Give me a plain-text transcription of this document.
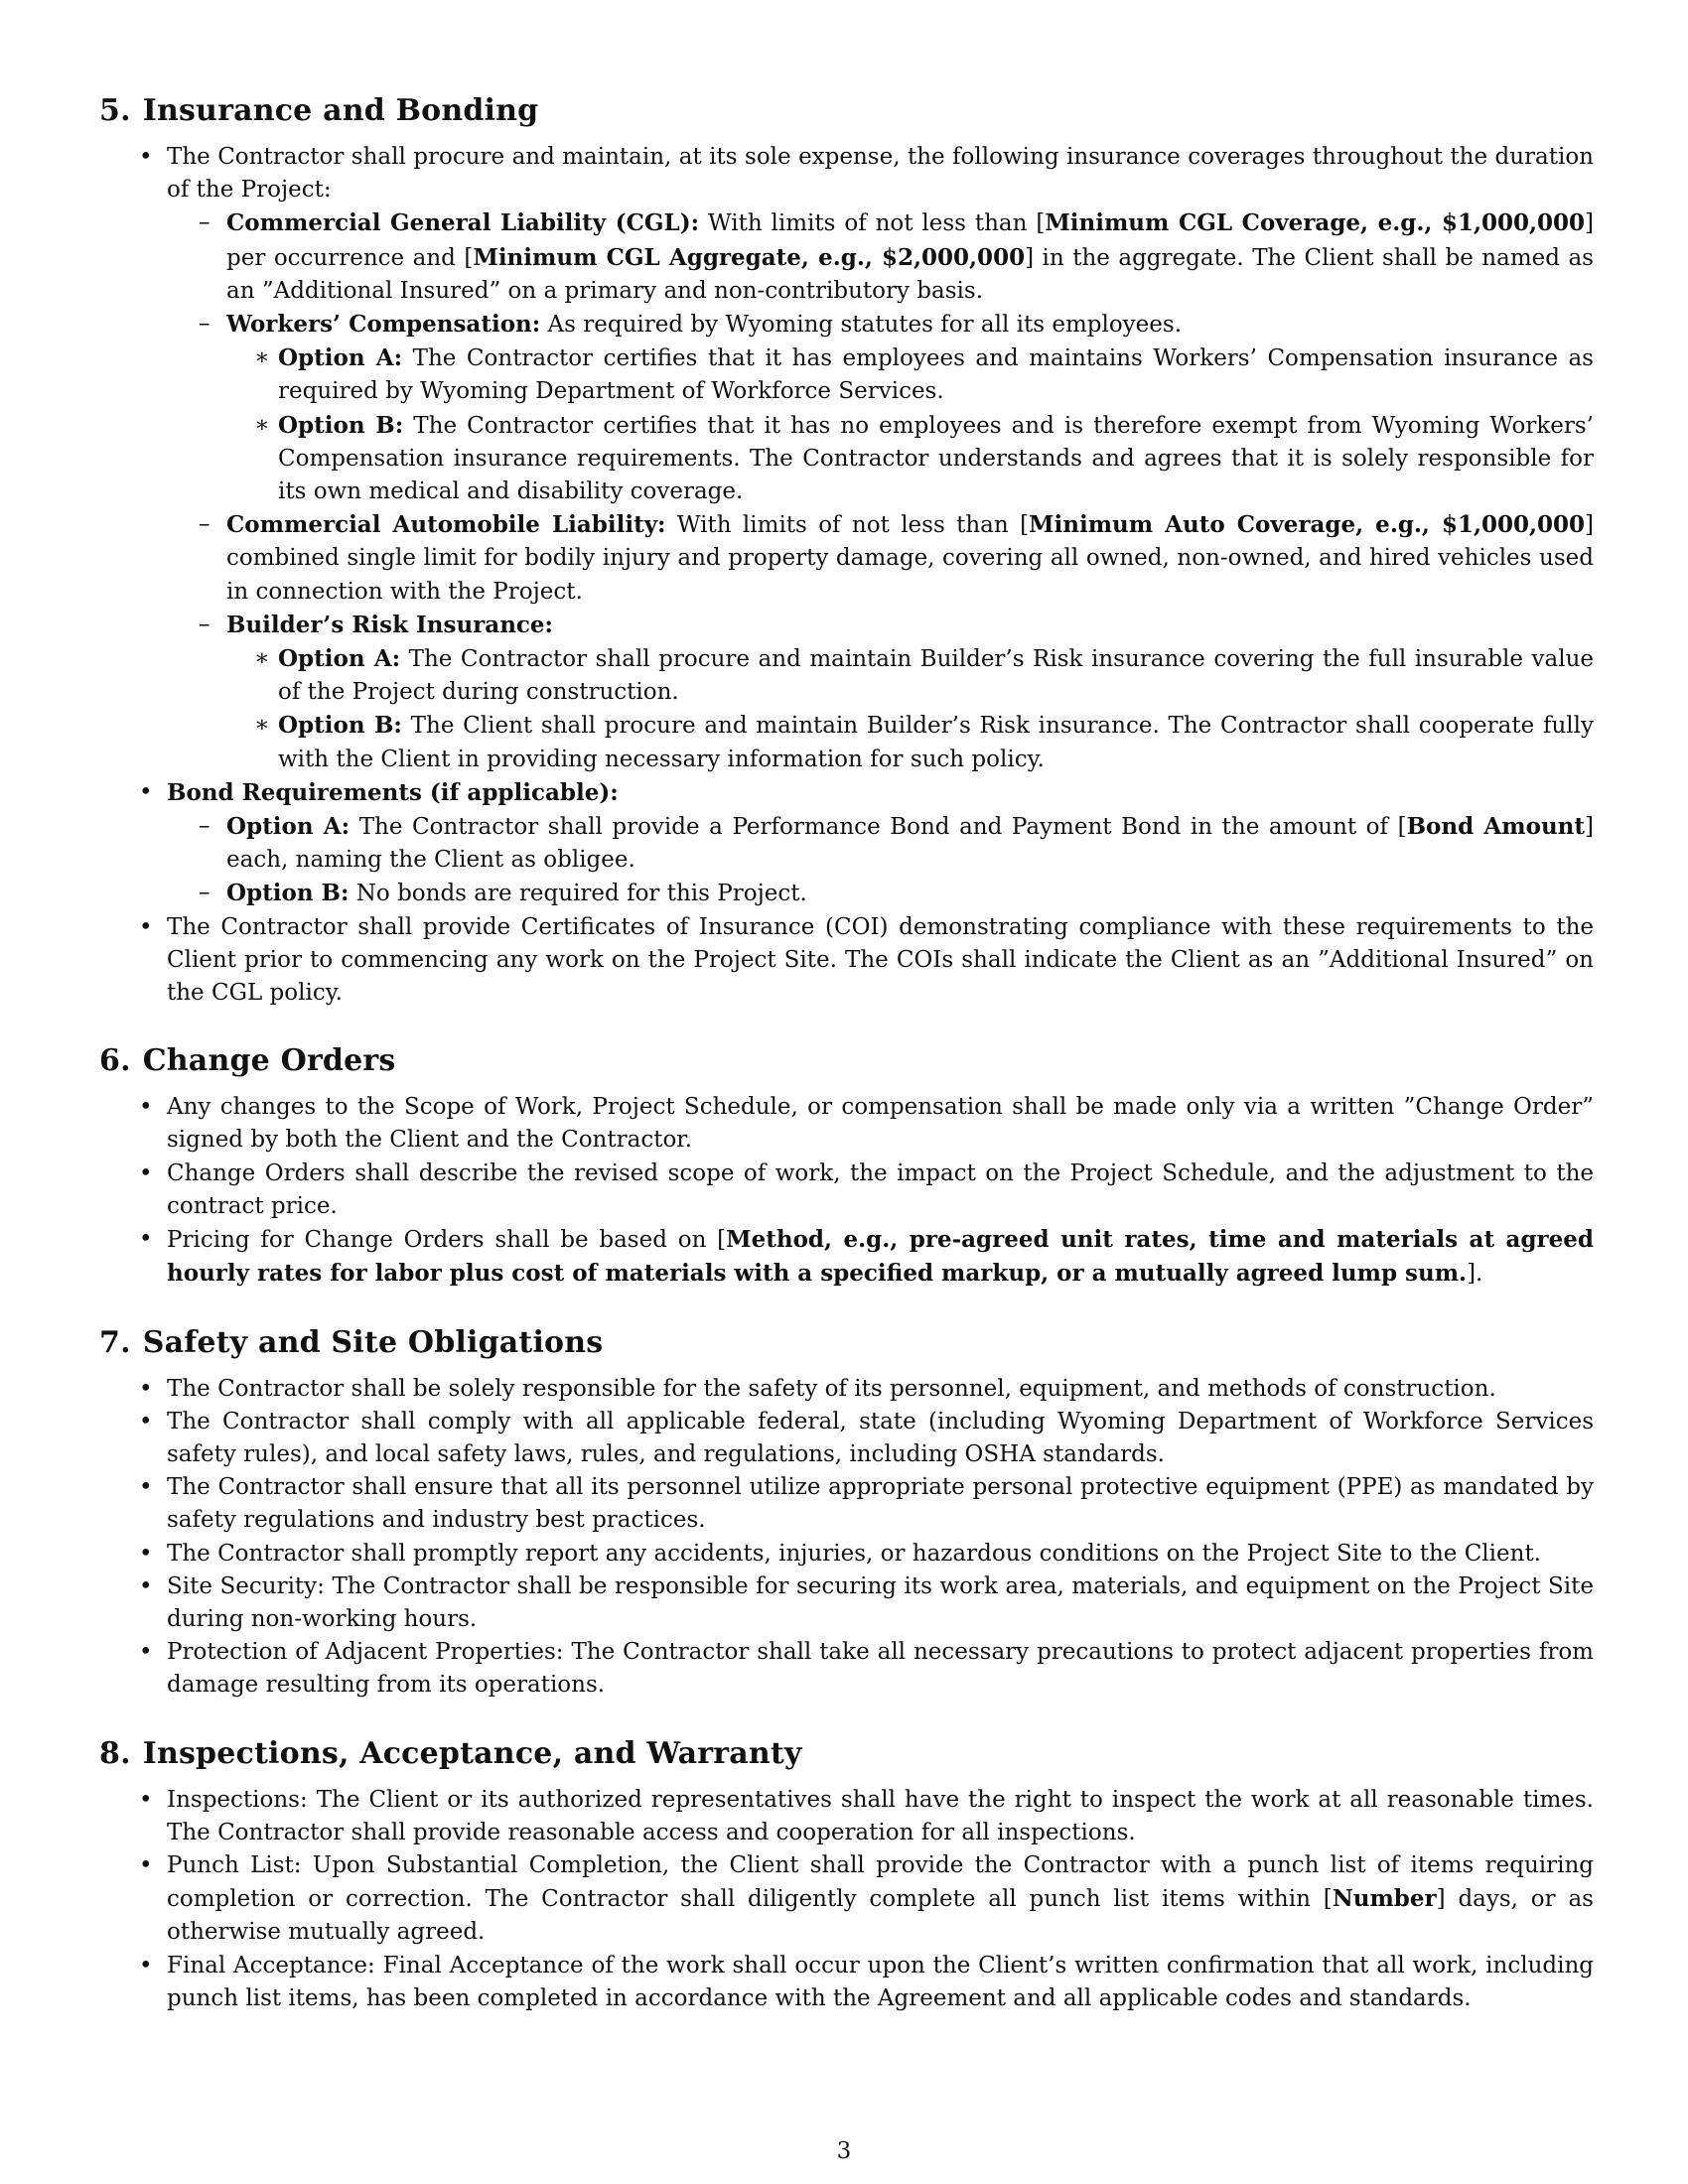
5. Insurance and Bonding
• The Contractor shall procure and maintain, at its sole expense, the following insurance coverages throughout the duration of the Project:
– Commercial General Liability (CGL): With limits of not less than [Minimum CGL Coverage, e.g., $1,000,000] per occurrence and [Minimum CGL Aggregate, e.g., $2,000,000] in the aggregate. The Client shall be named as an ”Additional Insured” on a primary and non-contributory basis.
– Workers’ Compensation: As required by Wyoming statutes for all its employees.
∗ Option A: The Contractor certifies that it has employees and maintains Workers’ Compensation insurance as required by Wyoming Department of Workforce Services.
∗ Option B: The Contractor certifies that it has no employees and is therefore exempt from Wyoming Workers’ Compensation insurance requirements. The Contractor understands and agrees that it is solely responsible for its own medical and disability coverage.
– Commercial Automobile Liability: With limits of not less than [Minimum Auto Coverage, e.g., $1,000,000] combined single limit for bodily injury and property damage, covering all owned, non-owned, and hired vehicles used in connection with the Project.
– Builder’s Risk Insurance:
∗ Option A: The Contractor shall procure and maintain Builder’s Risk insurance covering the full insurable value of the Project during construction.
∗ Option B: The Client shall procure and maintain Builder’s Risk insurance. The Contractor shall cooperate fully with the Client in providing necessary information for such policy.
• Bond Requirements (if applicable):
– Option A: The Contractor shall provide a Performance Bond and Payment Bond in the amount of [Bond Amount] each, naming the Client as obligee.
– Option B: No bonds are required for this Project.
• The Contractor shall provide Certificates of Insurance (COI) demonstrating compliance with these requirements to the Client prior to commencing any work on the Project Site. The COIs shall indicate the Client as an ”Additional Insured” on the CGL policy.
6. Change Orders
• Any changes to the Scope of Work, Project Schedule, or compensation shall be made only via a written ”Change Order” signed by both the Client and the Contractor.
• Change Orders shall describe the revised scope of work, the impact on the Project Schedule, and the adjustment to the contract price.
• Pricing for Change Orders shall be based on [Method, e.g., pre-agreed unit rates, time and materials at agreed hourly rates for labor plus cost of materials with a specified markup, or a mutually agreed lump sum.].
7. Safety and Site Obligations
• The Contractor shall be solely responsible for the safety of its personnel, equipment, and methods of construction.
• The Contractor shall comply with all applicable federal, state (including Wyoming Department of Workforce Services safety rules), and local safety laws, rules, and regulations, including OSHA standards.
• The Contractor shall ensure that all its personnel utilize appropriate personal protective equipment (PPE) as mandated by safety regulations and industry best practices.
• The Contractor shall promptly report any accidents, injuries, or hazardous conditions on the Project Site to the Client.
• Site Security: The Contractor shall be responsible for securing its work area, materials, and equipment on the Project Site during non-working hours.
• Protection of Adjacent Properties: The Contractor shall take all necessary precautions to protect adjacent properties from damage resulting from its operations.
8. Inspections, Acceptance, and Warranty
• Inspections: The Client or its authorized representatives shall have the right to inspect the work at all reasonable times. The Contractor shall provide reasonable access and cooperation for all inspections.
• Punch List: Upon Substantial Completion, the Client shall provide the Contractor with a punch list of items requiring completion or correction. The Contractor shall diligently complete all punch list items within [Number] days, or as otherwise mutually agreed.
• Final Acceptance: Final Acceptance of the work shall occur upon the Client’s written confirmation that all work, including punch list items, has been completed in accordance with the Agreement and all applicable codes and standards.
3
